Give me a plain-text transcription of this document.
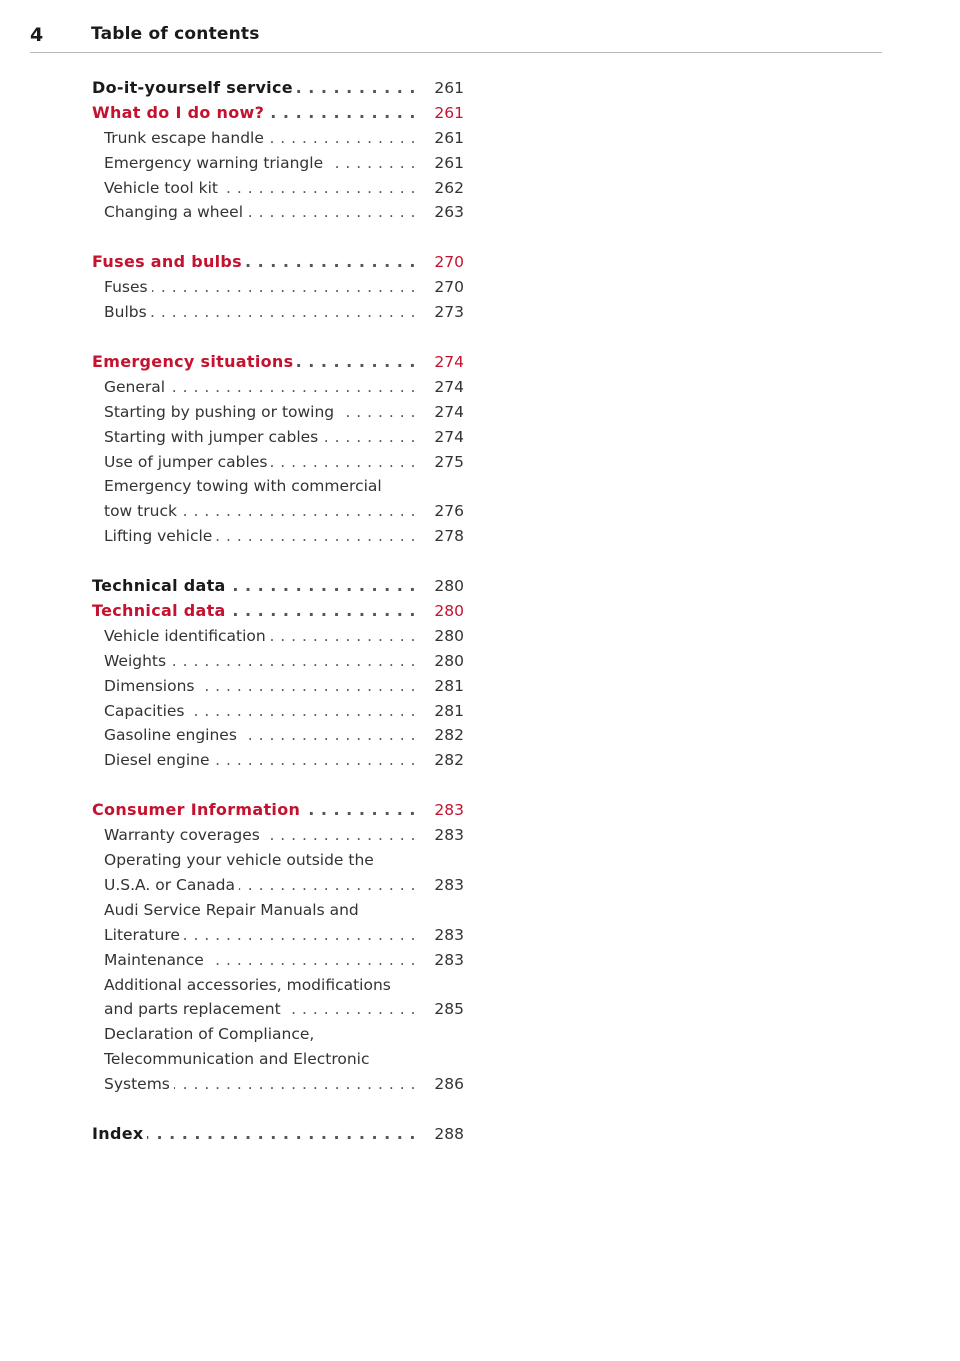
4	Table of contents
Do-it-yourself service . . .	261
What do I do now? . . .	261
Trunk escape handle . . .	261
Emergency warning triangle . . .	261
Vehicle tool kit . . .	262
Changing a wheel . . .	263
Fuses and bulbs . . .	270
Fuses . . .	270
Bulbs . . .	273
Emergency situations . . .	274
General . . .	274
Starting by pushing or towing . . .	274
Starting with jumper cables . . .	274
Use of jumper cables . . .	275
Emergency towing with commercial
tow truck . . .	276
Lifting vehicle . . .	278
Technical data . . .	280
Technical data . . .	280
Vehicle identification . . .	280
Weights . . .	280
Dimensions . . .	281
Capacities . . .	281
Gasoline engines . . .	282
Diesel engine . . .	282
Consumer Information . . .	283
Warranty coverages . . .	283
Operating your vehicle outside the
U.S.A. or Canada . . .	283
Audi Service Repair Manuals and
Literature . . .	283
Maintenance . . .	283
Additional accessories, modifications
and parts replacement . . .	285
Declaration of Compliance,
Telecommunication and Electronic
Systems . . .	286
Index . . .	288
